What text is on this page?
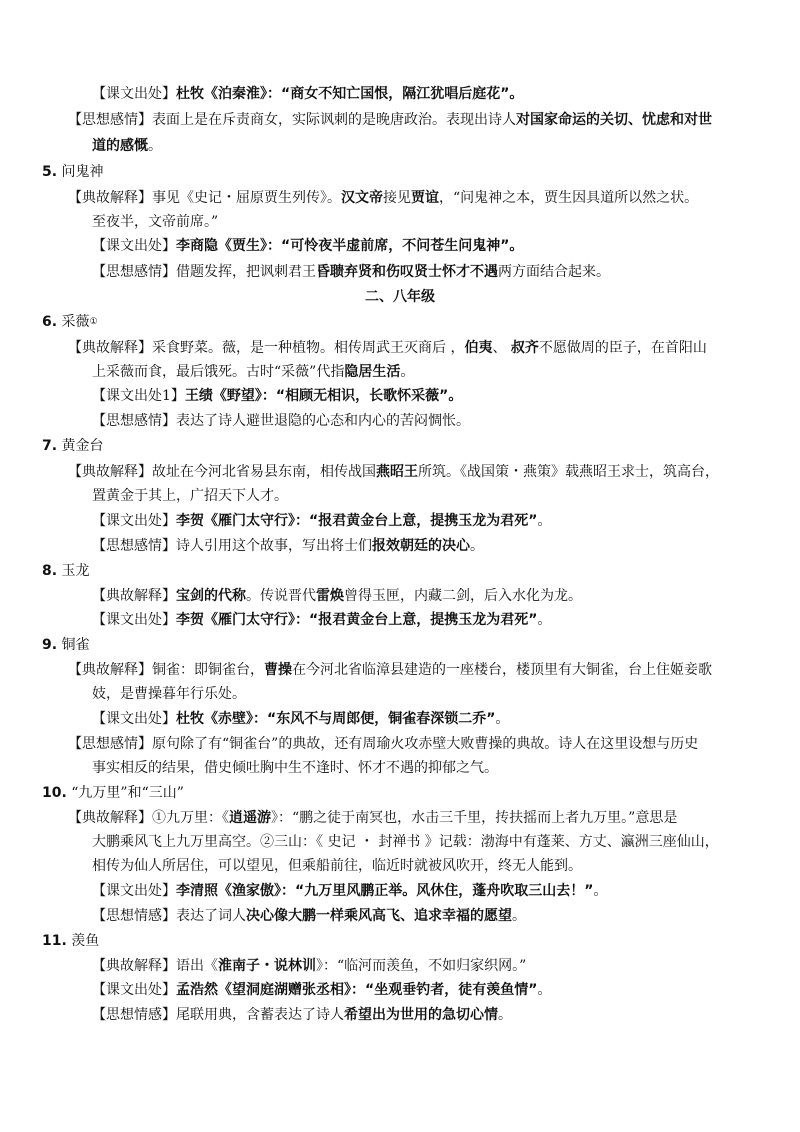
【课文出处】杜牧《泊秦淮》：“商女不知亡国恨，隔江犹唱后庭花”。
【思想感情】表面上是在斥责商女，实际讽刺的是晚唐政治。表现出诗人对国家命运的关切、忧虑和对世
道的感慨。
5. 问鬼神
【典故解释】事见《史记・屈原贾生列传》。汉文帝接见贾谊，“问鬼神之本，贾生因具道所以然之状。
至夜半，文帝前席。”
【课文出处】李商隐《贾生》：“可怜夜半虚前席，不问苍生问鬼神”。
【思想感情】借题发挥，把讽刺君王昏聩弃贤和伤叹贤士怀才不遇两方面结合起来。
二、八年级
6. 采薇①
【典故解释】采食野菜。薇，是一种植物。相传周武王灭商后 ，伯夷、 叔齐不愿做周的臣子，在首阳山
上采薇而食，最后饿死。古时“采薇”代指隐居生活。
【课文出处1】王绩《野望》：“相顾无相识，长歌怀采薇”。
【思想感情】表达了诗人避世退隐的心态和内心的苦闷惆怅。
7. 黄金台
【典故解释】故址在今河北省易县东南，相传战国燕昭王所筑。《战国策・燕策》载燕昭王求士，筑高台，
置黄金于其上，广招天下人才。
【课文出处】李贺《雁门太守行》：“报君黄金台上意，提携玉龙为君死”。
【思想感情】诗人引用这个故事，写出将士们报效朝廷的决心。
8. 玉龙
【典故解释】宝剑的代称。传说晋代雷焕曾得玉匣，内藏二剑，后入水化为龙。
【课文出处】李贺《雁门太守行》：“报君黄金台上意，提携玉龙为君死”。
9. 铜雀
【典故解释】铜雀：即铜雀台，曹操在今河北省临漳县建造的一座楼台，楼顶里有大铜雀，台上住姬妾歌
妓，是曹操暮年行乐处。
【课文出处】杜牧《赤壁》：“东风不与周郎便，铜雀春深锁二乔”。
【思想感情】原句除了有“铜雀台”的典故，还有周瑜火攻赤壁大败曹操的典故。诗人在这里设想与历史
事实相反的结果，借史倾吐胸中生不逢时、怀才不遇的抑郁之气。
10. “九万里”和“三山”
【典故解释】①九万里：《逍遥游》：“鹏之徒于南冥也，水击三千里，抟扶摇而上者九万里。”意思是
大鹏乘风飞上九万里高空。②三山：《 史记 ・ 封禅书 》记载：渤海中有蓬莱、方丈、瀛洲三座仙山，
相传为仙人所居住，可以望见，但乘船前往，临近时就被风吹开，终无人能到。
【课文出处】李清照《渔家傲》：“九万里风鹏正举。风休住，蓬舟吹取三山去！”。
【思想情感】表达了词人决心像大鹏一样乘风高飞、追求幸福的愿望。
11. 羡鱼
【典故解释】语出《淮南子・说林训》：“临河而羡鱼，不如归家织网。”
【课文出处】孟浩然《望洞庭湖赠张丞相》：“坐观垂钓者，徒有羡鱼情”。
【思想情感】尾联用典，含蓄表达了诗人希望出为世用的急切心情。
